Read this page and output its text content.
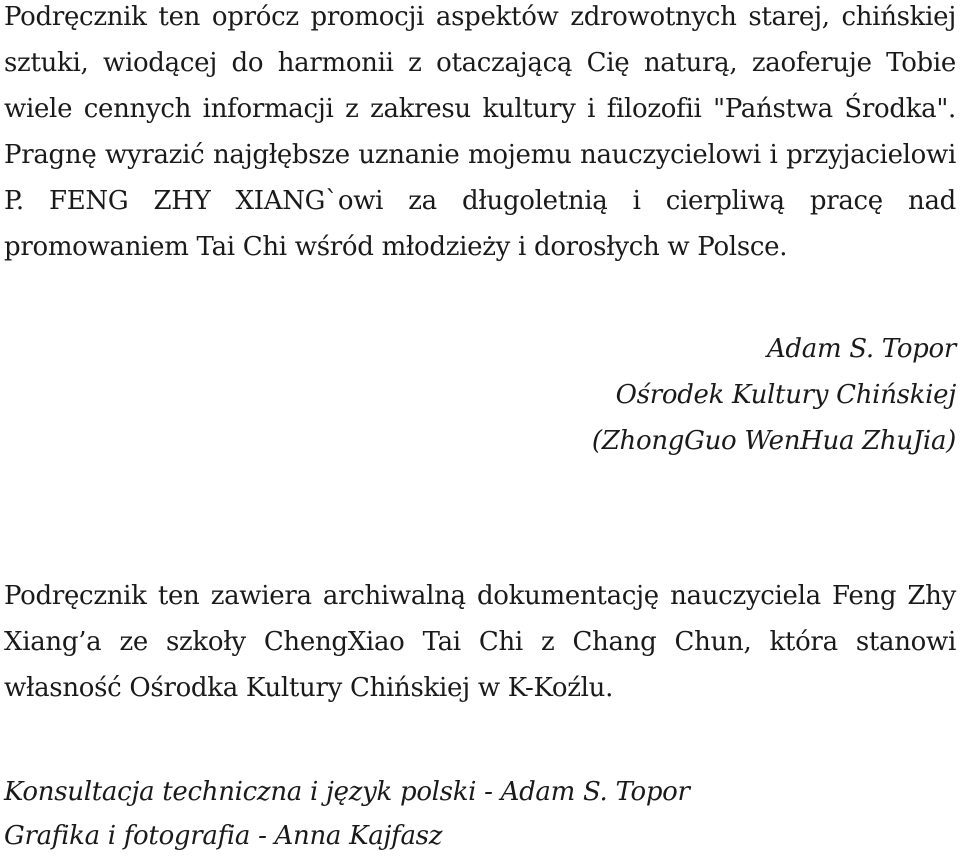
Podręcznik ten oprócz promocji aspektów zdrowotnych starej, chińskiej sztuki, wiodącej do harmonii z otaczającą Cię naturą, zaoferuje Tobie wiele cennych informacji z zakresu kultury i filozofii "Państwa Środka". Pragnę wyrazić najgłębsze uznanie mojemu nauczycielowi i przyjacielowi P. FENG ZHY XIANG`owi za długoletnią i cierpliwą pracę nad promowaniem Tai Chi wśród młodzieży i dorosłych w Polsce.

Adam S. Topor
Ośrodek Kultury Chińskiej
(ZhongGuo WenHua ZhuJia)

Podręcznik ten zawiera archiwalną dokumentację nauczyciela Feng Zhy Xiang’a ze szkoły ChengXiao Tai Chi z Chang Chun, która stanowi własność Ośrodka Kultury Chińskiej w K-Koźlu.

Konsultacja techniczna i język polski - Adam S. Topor
Grafika i fotografia - Anna Kajfasz
